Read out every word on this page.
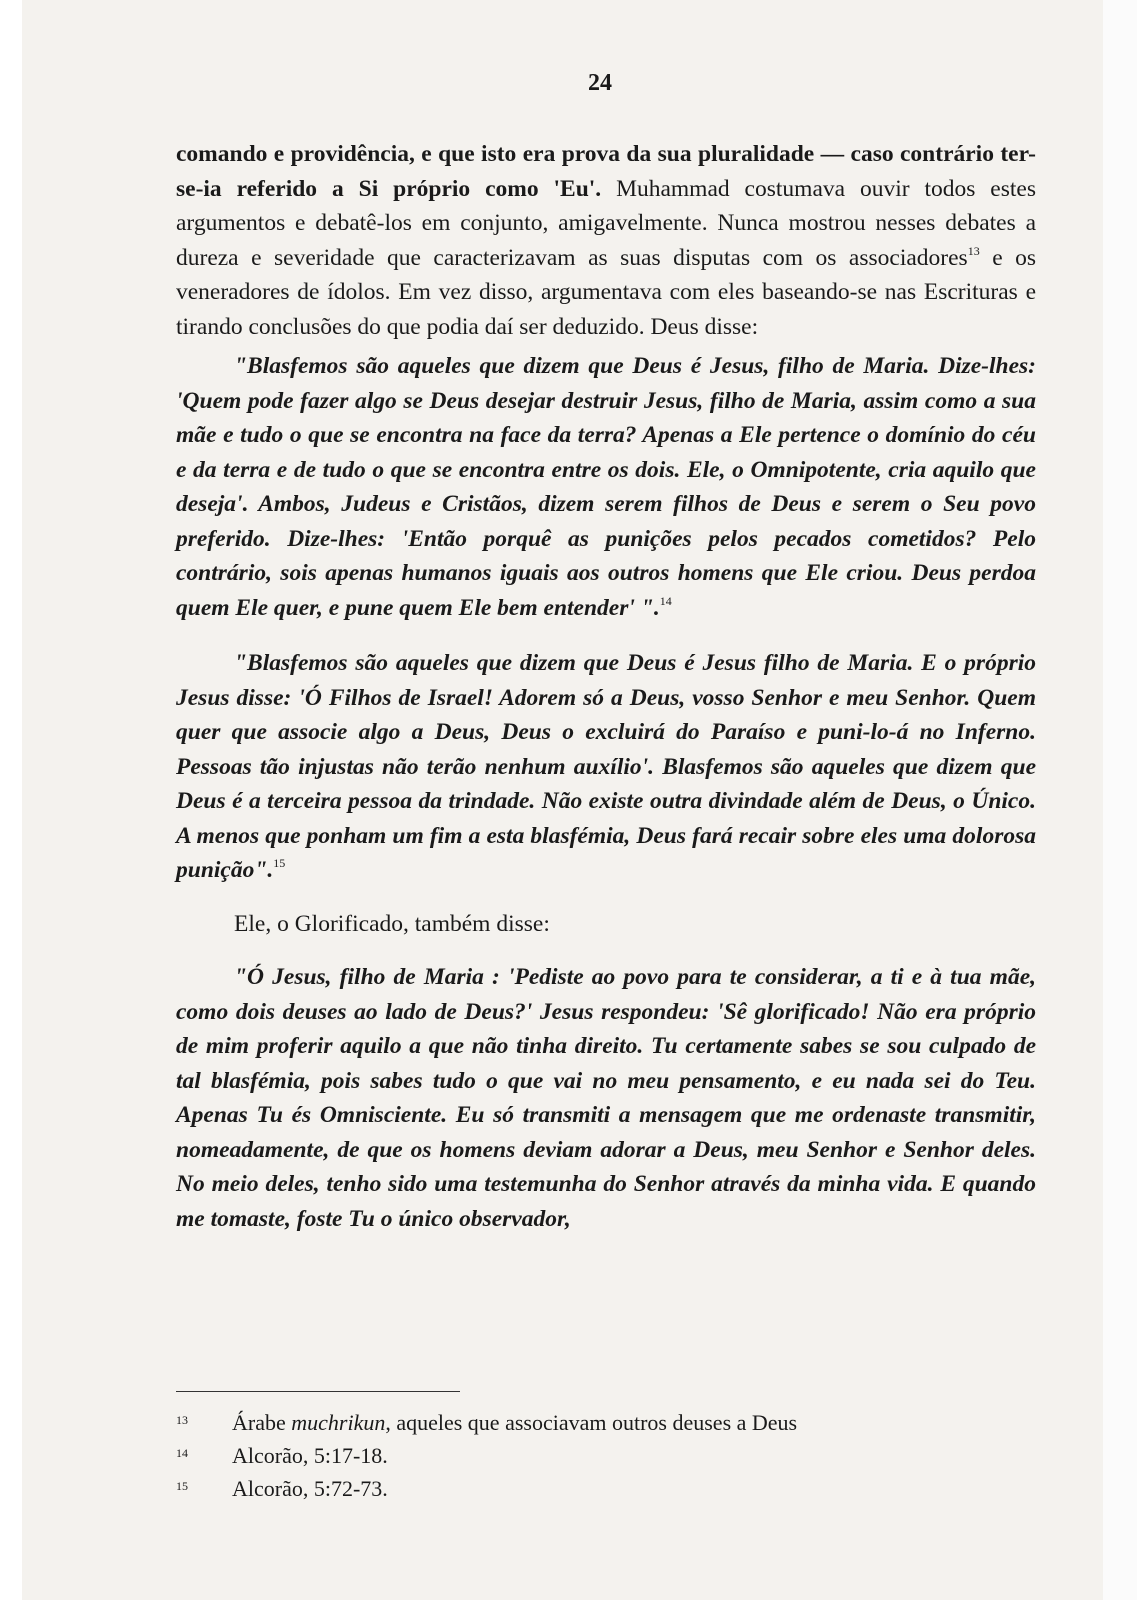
24

comando e providência, e que isto era prova da sua pluralidade — caso contrário ter-se-ia referido a Si próprio como 'Eu'. Muhammad costumava ouvir todos estes argumentos e debatê-los em conjunto, amigavelmente. Nunca mostrou nesses debates a dureza e severidade que caracterizavam as suas disputas com os associadores$^{13}$ e os veneradores de ídolos. Em vez disso, argumentava com eles baseando-se nas Escrituras e tirando conclusões do que podia daí ser deduzido. Deus disse:

"Blasfemos são aqueles que dizem que Deus é Jesus, filho de Maria. Dize-lhes: 'Quem pode fazer algo se Deus desejar destruir Jesus, filho de Maria, assim como a sua mãe e tudo o que se encontra na face da terra? Apenas a Ele pertence o domínio do céu e da terra e de tudo o que se encontra entre os dois. Ele, o Omnipotente, cria aquilo que deseja'. Ambos, Judeus e Cristãos, dizem serem filhos de Deus e serem o Seu povo preferido. Dize-lhes: 'Então porquê as punições pelos pecados cometidos? Pelo contrário, sois apenas humanos iguais aos outros homens que Ele criou. Deus perdoa quem Ele quer, e pune quem Ele bem entender' ".$^{14}$

"Blasfemos são aqueles que dizem que Deus é Jesus filho de Maria. E o próprio Jesus disse: 'Ó Filhos de Israel! Adorem só a Deus, vosso Senhor e meu Senhor. Quem quer que associe algo a Deus, Deus o excluirá do Paraíso e puni-lo-á no Inferno. Pessoas tão injustas não terão nenhum auxílio'. Blasfemos são aqueles que dizem que Deus é a terceira pessoa da trindade. Não existe outra divindade além de Deus, o Único. A menos que ponham um fim a esta blasfémia, Deus fará recair sobre eles uma dolorosa punição".$^{15}$

Ele, o Glorificado, também disse:

"Ó Jesus, filho de Maria : 'Pediste ao povo para te considerar, a ti e à tua mãe, como dois deuses ao lado de Deus?' Jesus respondeu: 'Sê glorificado! Não era próprio de mim proferir aquilo a que não tinha direito. Tu certamente sabes se sou culpado de tal blasfémia, pois sabes tudo o que vai no meu pensamento, e eu nada sei do Teu. Apenas Tu és Omnisciente. Eu só transmiti a mensagem que me ordenaste transmitir, nomeadamente, de que os homens deviam adorar a Deus, meu Senhor e Senhor deles. No meio deles, tenho sido uma testemunha do Senhor através da minha vida. E quando me tomaste, foste Tu o único observador,

13 Árabe muchrikun, aqueles que associavam outros deuses a Deus
14 Alcorão, 5:17-18.
15 Alcorão, 5:72-73.
